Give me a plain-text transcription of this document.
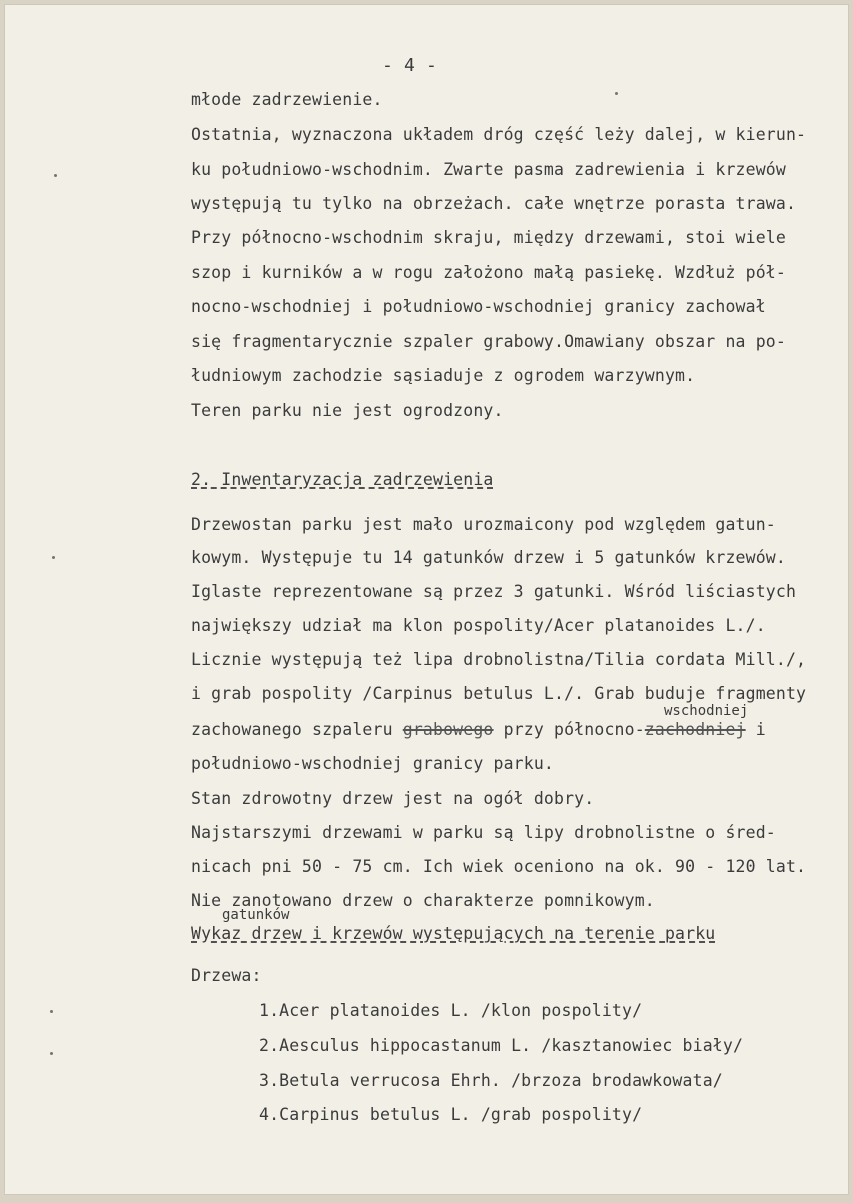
- 4 -
młode zadrzewienie.
Ostatnia, wyznaczona układem dróg część leży dalej, w kierun-
ku południowo-wschodnim. Zwarte pasma zadrewienia i krzewów
występują tu tylko na obrzeżach. całe wnętrze porasta trawa.
Przy północno-wschodnim skraju, między drzewami, stoi wiele
szop i kurników a w rogu założono małą pasiekę. Wzdłuż pół-
nocno-wschodniej i południowo-wschodniej granicy zachował
się fragmentarycznie szpaler grabowy.Omawiany obszar na po-
łudniowym zachodzie sąsiaduje z ogrodem warzywnym.
Teren parku nie jest ogrodzony.
2. Inwentaryzacja zadrzewienia
Drzewostan parku jest mało urozmaicony pod względem gatun-
kowym. Występuje tu 14 gatunków drzew i 5 gatunków krzewów.
Iglaste reprezentowane są przez 3 gatunki. Wśród liściastych
największy udział ma klon pospolity/Acer platanoides L./.
Licznie występują też lipa drobnolistna/Tilia cordata Mill./,
i grab pospolity /Carpinus betulus L./. Grab buduje fragmenty
wschodniej
zachowanego szpaleru grabowego przy północno-zachodniej i
południowo-wschodniej granicy parku.
Stan zdrowotny drzew jest na ogół dobry.
Najstarszymi drzewami w parku są lipy drobnolistne o śred-
nicach pni 50 - 75 cm. Ich wiek oceniono na ok. 90 - 120 lat.
Nie zanotowano drzew o charakterze pomnikowym.
gatunków
Wykaz drzew i krzewów występujących na terenie parku
Drzewa:
1.Acer platanoides L. /klon pospolity/
2.Aesculus hippocastanum L. /kasztanowiec biały/
3.Betula verrucosa Ehrh. /brzoza brodawkowata/
4.Carpinus betulus L. /grab pospolity/
